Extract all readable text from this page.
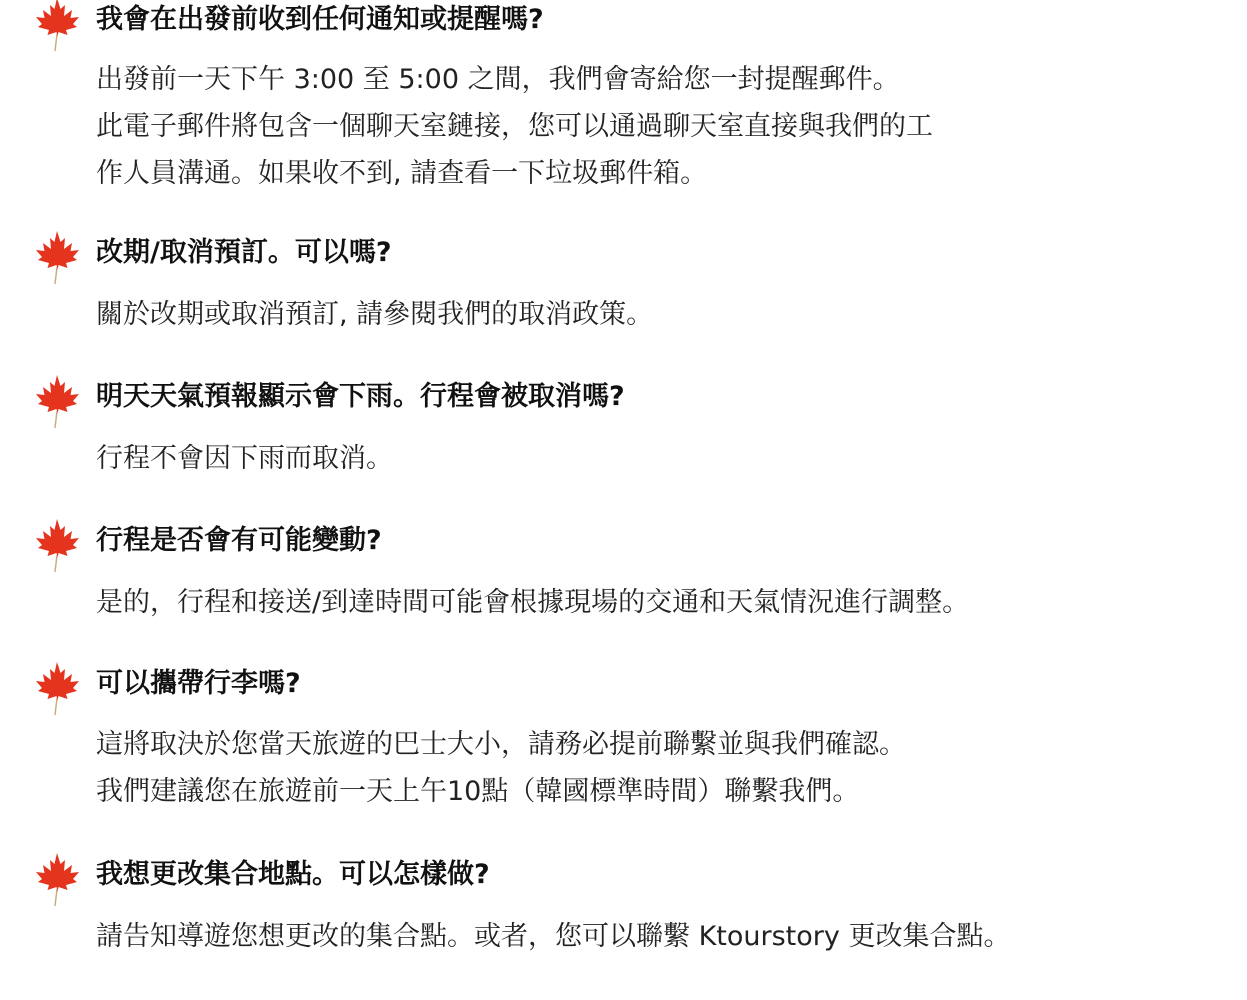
我會在出發前收到任何通知或提醒嗎?
出發前一天下午 3:00 至 5:00 之間，我們會寄給您一封提醒郵件。
此電子郵件將包含一個聊天室鏈接，您可以通過聊天室直接與我們的工
作人員溝通。如果收不到, 請查看一下垃圾郵件箱。
改期/取消預訂。可以嗎?
關於改期或取消預訂, 請參閱我們的取消政策。
明天天氣預報顯示會下雨。行程會被取消嗎?
行程不會因下雨而取消。
行程是否會有可能變動?
是的，行程和接送/到達時間可能會根據現場的交通和天氣情況進行調整。
可以攜帶行李嗎?
這將取決於您當天旅遊的巴士大小，請務必提前聯繫並與我們確認。
我們建議您在旅遊前一天上午10點（韓國標準時間）聯繫我們。
我想更改集合地點。可以怎樣做?
請告知導遊您想更改的集合點。或者，您可以聯繫 Ktourstory 更改集合點。
